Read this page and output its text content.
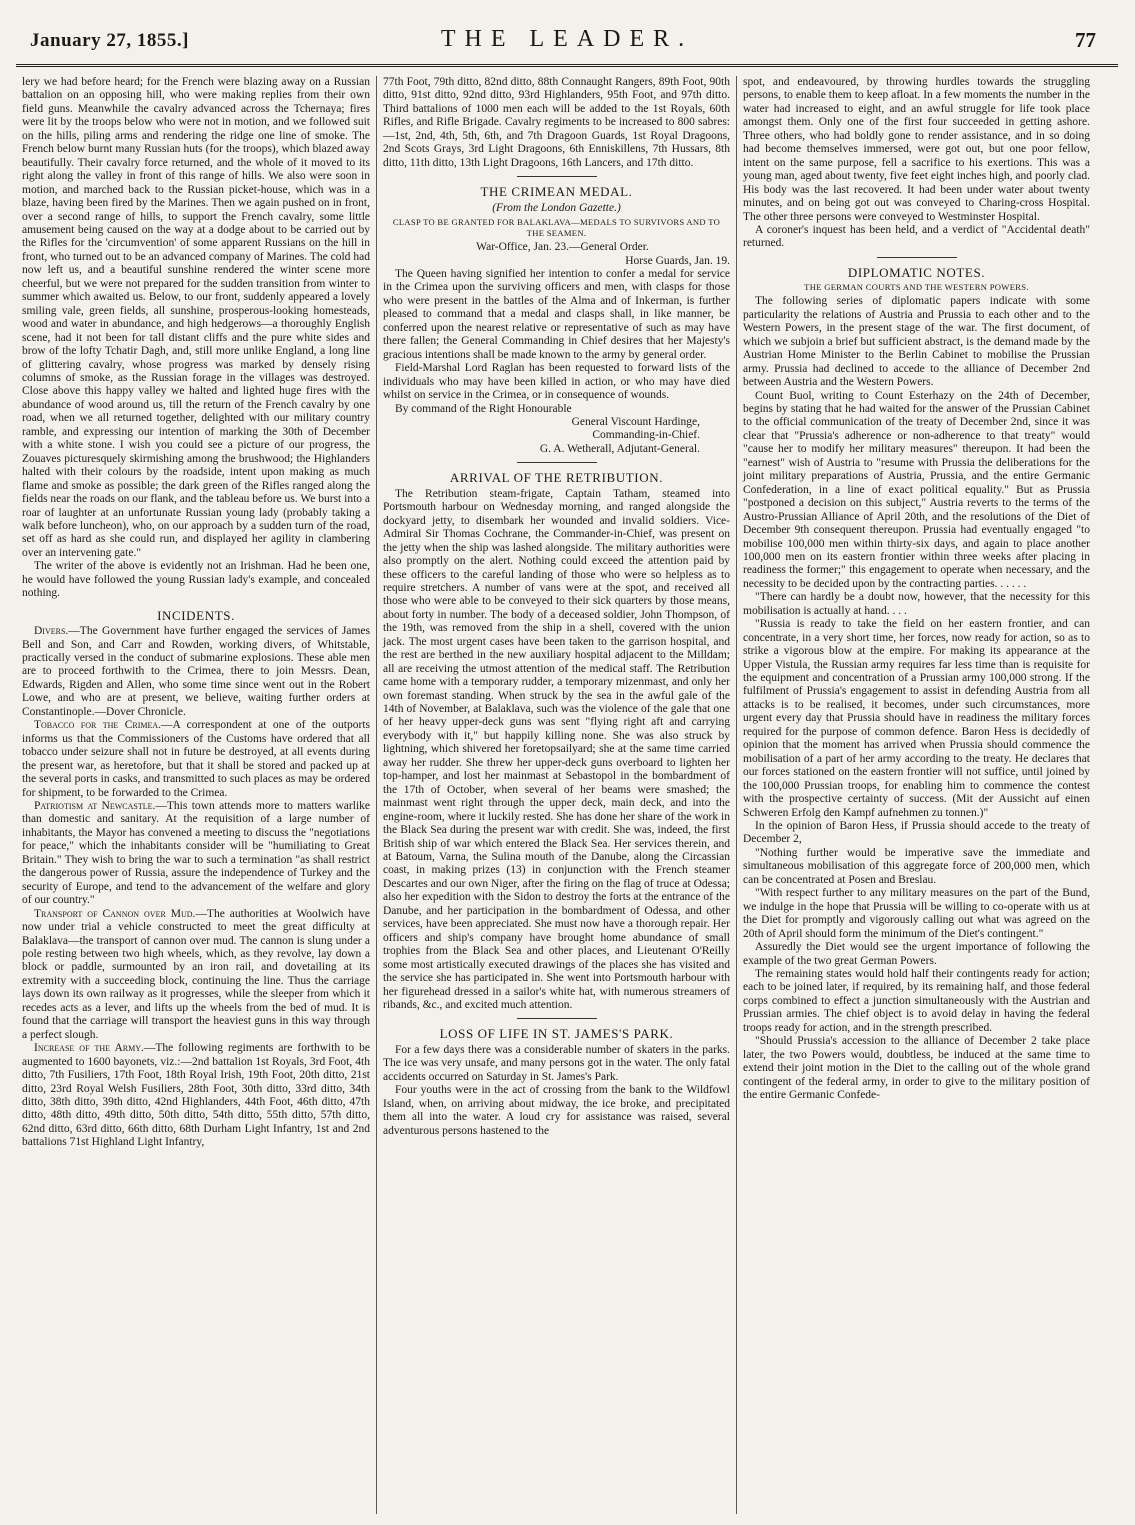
January 27, 1855.]	THE LEADER.	77

lery we had before heard; for the French were blazing away on a Russian battalion on an opposing hill, who were making replies from their own field guns. Meanwhile the cavalry advanced across the Tchernaya; fires were lit by the troops below who were not in motion, and we followed suit on the hills, piling arms and rendering the ridge one line of smoke. The French below burnt many Russian huts (for the troops), which blazed away beautifully. Their cavalry force returned, and the whole of it moved to its right along the valley in front of this range of hills. We also were soon in motion, and marched back to the Russian picket-house, which was in a blaze, having been fired by the Marines. Then we again pushed on in front, over a second range of hills, to support the French cavalry, some little amusement being caused on the way at a dodge about to be carried out by the Rifles for the 'circumvention' of some apparent Russians on the hill in front, who turned out to be an advanced company of Marines. The cold had now left us, and a beautiful sunshine rendered the winter scene more cheerful, but we were not prepared for the sudden transition from winter to summer which awaited us. Below, to our front, suddenly appeared a lovely smiling vale, green fields, all sunshine, prosperous-looking homesteads, wood and water in abundance, and high hedgerows—a thoroughly English scene, had it not been for tall distant cliffs and the pure white sides and brow of the lofty Tchatir Dagh, and, still more unlike England, a long line of glittering cavalry, whose progress was marked by densely rising columns of smoke, as the Russian forage in the villages was destroyed. Close above this happy valley we halted and lighted huge fires with the abundance of wood around us, till the return of the French cavalry by one road, when we all returned together, delighted with our military country ramble, and expressing our intention of marking the 30th of December with a white stone. I wish you could see a picture of our progress, the Zouaves picturesquely skirmishing among the brushwood; the Highlanders halted with their colours by the roadside, intent upon making as much flame and smoke as possible; the dark green of the Rifles ranged along the fields near the roads on our flank, and the tableau before us. We burst into a roar of laughter at an unfortunate Russian young lady (probably taking a walk before luncheon), who, on our approach by a sudden turn of the road, set off as hard as she could run, and displayed her agility in clambering over an intervening gate."

The writer of the above is evidently not an Irishman. Had he been one, he would have followed the young Russian lady's example, and concealed nothing.

INCIDENTS.

Divers.—The Government have further engaged the services of James Bell and Son, and Carr and Rowden, working divers, of Whitstable, practically versed in the conduct of submarine explosions. These able men are to proceed forthwith to the Crimea, there to join Messrs. Dean, Edwards, Rigden and Allen, who some time since went out in the Robert Lowe, and who are at present, we believe, waiting further orders at Constantinople.—Dover Chronicle.

Tobacco for the Crimea.—A correspondent at one of the outports informs us that the Commissioners of the Customs have ordered that all tobacco under seizure shall not in future be destroyed, at all events during the present war, as heretofore, but that it shall be stored and packed up at the several ports in casks, and transmitted to such places as may be ordered for shipment, to be forwarded to the Crimea.

Patriotism at Newcastle.—This town attends more to matters warlike than domestic and sanitary. At the requisition of a large number of inhabitants, the Mayor has convened a meeting to discuss the "negotiations for peace," which the inhabitants consider will be "humiliating to Great Britain." They wish to bring the war to such a termination "as shall restrict the dangerous power of Russia, assure the independence of Turkey and the security of Europe, and tend to the advancement of the welfare and glory of our country."

Transport of Cannon over Mud.—The authorities at Woolwich have now under trial a vehicle constructed to meet the great difficulty at Balaklava—the transport of cannon over mud. The cannon is slung under a pole resting between two high wheels, which, as they revolve, lay down a block or paddle, surmounted by an iron rail, and dovetailing at its extremity with a succeeding block, continuing the line. Thus the carriage lays down its own railway as it progresses, while the sleeper from which it recedes acts as a lever, and lifts up the wheels from the bed of mud. It is found that the carriage will transport the heaviest guns in this way through a perfect slough.

Increase of the Army.—The following regiments are forthwith to be augmented to 1600 bayonets, viz.:—2nd battalion 1st Royals, 3rd Foot, 4th ditto, 7th Fusiliers, 17th Foot, 18th Royal Irish, 19th Foot, 20th ditto, 21st ditto, 23rd Royal Welsh Fusiliers, 28th Foot, 30th ditto, 33rd ditto, 34th ditto, 38th ditto, 39th ditto, 42nd Highlanders, 44th Foot, 46th ditto, 47th ditto, 48th ditto, 49th ditto, 50th ditto, 54th ditto, 55th ditto, 57th ditto, 62nd ditto, 63rd ditto, 66th ditto, 68th Durham Light Infantry, 1st and 2nd battalions 71st Highland Light Infantry,

77th Foot, 79th ditto, 82nd ditto, 88th Connaught Rangers, 89th Foot, 90th ditto, 91st ditto, 92nd ditto, 93rd Highlanders, 95th Foot, and 97th ditto. Third battalions of 1000 men each will be added to the 1st Royals, 60th Rifles, and Rifle Brigade. Cavalry regiments to be increased to 800 sabres:—1st, 2nd, 4th, 5th, 6th, and 7th Dragoon Guards, 1st Royal Dragoons, 2nd Scots Grays, 3rd Light Dragoons, 6th Enniskillens, 7th Hussars, 8th ditto, 11th ditto, 13th Light Dragoons, 16th Lancers, and 17th ditto.

THE CRIMEAN MEDAL.
(From the London Gazette.)
CLASP TO BE GRANTED FOR BALAKLAVA—MEDALS TO SURVIVORS AND TO THE SEAMEN.

War-Office, Jan. 23.—General Order.

Horse Guards, Jan. 19.

The Queen having signified her intention to confer a medal for service in the Crimea upon the surviving officers and men, with clasps for those who were present in the battles of the Alma and of Inkerman, is further pleased to command that a medal and clasps shall, in like manner, be conferred upon the nearest relative or representative of such as may have there fallen; the General Commanding in Chief desires that her Majesty's gracious intentions shall be made known to the army by general order.

Field-Marshal Lord Raglan has been requested to forward lists of the individuals who may have been killed in action, or who may have died whilst on service in the Crimea, or in consequence of wounds.

By command of the Right Honourable

General Viscount Hardinge,

Commanding-in-Chief.

G. A. Wetherall, Adjutant-General.

ARRIVAL OF THE RETRIBUTION.

The Retribution steam-frigate, Captain Tatham, steamed into Portsmouth harbour on Wednesday morning, and ranged alongside the dockyard jetty, to disembark her wounded and invalid soldiers. Vice-Admiral Sir Thomas Cochrane, the Commander-in-Chief, was present on the jetty when the ship was lashed alongside. The military authorities were also promptly on the alert. Nothing could exceed the attention paid by these officers to the careful landing of those who were so helpless as to require stretchers. A number of vans were at the spot, and received all those who were able to be conveyed to their sick quarters by those means, about forty in number. The body of a deceased soldier, John Thompson, of the 19th, was removed from the ship in a shell, covered with the union jack. The most urgent cases have been taken to the garrison hospital, and the rest are berthed in the new auxiliary hospital adjacent to the Milldam; all are receiving the utmost attention of the medical staff. The Retribution came home with a temporary rudder, a temporary mizenmast, and only her own foremast standing. When struck by the sea in the awful gale of the 14th of November, at Balaklava, such was the violence of the gale that one of her heavy upper-deck guns was sent "flying right aft and carrying everybody with it," but happily killing none. She was also struck by lightning, which shivered her foretopsailyard; she at the same time carried away her rudder. She threw her upper-deck guns overboard to lighten her top-hamper, and lost her mainmast at Sebastopol in the bombardment of the 17th of October, when several of her beams were smashed; the mainmast went right through the upper deck, main deck, and into the engine-room, where it luckily rested. She has done her share of the work in the Black Sea during the present war with credit. She was, indeed, the first British ship of war which entered the Black Sea. Her services therein, and at Batoum, Varna, the Sulina mouth of the Danube, along the Circassian coast, in making prizes (13) in conjunction with the French steamer Descartes and our own Niger, after the firing on the flag of truce at Odessa; also her expedition with the Sidon to destroy the forts at the entrance of the Danube, and her participation in the bombardment of Odessa, and other services, have been appreciated. She must now have a thorough repair. Her officers and ship's company have brought home abundance of small trophies from the Black Sea and other places, and Lieutenant O'Reilly some most artistically executed drawings of the places she has visited and the service she has participated in. She went into Portsmouth harbour with her figurehead dressed in a sailor's white hat, with numerous streamers of ribands, &c., and excited much attention.

LOSS OF LIFE IN ST. JAMES'S PARK.

For a few days there was a considerable number of skaters in the parks. The ice was very unsafe, and many persons got in the water. The only fatal accidents occurred on Saturday in St. James's Park.

Four youths were in the act of crossing from the bank to the Wildfowl Island, when, on arriving about midway, the ice broke, and precipitated them all into the water. A loud cry for assistance was raised, several adventurous persons hastened to the

spot, and endeavoured, by throwing hurdles towards the struggling persons, to enable them to keep afloat. In a few moments the number in the water had increased to eight, and an awful struggle for life took place amongst them. Only one of the first four succeeded in getting ashore. Three others, who had boldly gone to render assistance, and in so doing had become themselves immersed, were got out, but one poor fellow, intent on the same purpose, fell a sacrifice to his exertions. This was a young man, aged about twenty, five feet eight inches high, and poorly clad. His body was the last recovered. It had been under water about twenty minutes, and on being got out was conveyed to Charing-cross Hospital. The other three persons were conveyed to Westminster Hospital.

A coroner's inquest has been held, and a verdict of "Accidental death" returned.

DIPLOMATIC NOTES.
THE GERMAN COURTS AND THE WESTERN POWERS.

The following series of diplomatic papers indicate with some particularity the relations of Austria and Prussia to each other and to the Western Powers, in the present stage of the war. The first document, of which we subjoin a brief but sufficient abstract, is the demand made by the Austrian Home Minister to the Berlin Cabinet to mobilise the Prussian army. Prussia had declined to accede to the alliance of December 2nd between Austria and the Western Powers.

Count Buol, writing to Count Esterhazy on the 24th of December, begins by stating that he had waited for the answer of the Prussian Cabinet to the official communication of the treaty of December 2nd, since it was clear that "Prussia's adherence or non-adherence to that treaty" would "cause her to modify her military measures" thereupon. It had been the "earnest" wish of Austria to "resume with Prussia the deliberations for the joint military preparations of Austria, Prussia, and the entire Germanic Confederation, in a line of exact political equality." But as Prussia "postponed a decision on this subject," Austria reverts to the terms of the Austro-Prussian Alliance of April 20th, and the resolutions of the Diet of December 9th consequent thereupon. Prussia had eventually engaged "to mobilise 100,000 men within thirty-six days, and again to place another 100,000 men on its eastern frontier within three weeks after placing in readiness the former;" this engagement to operate when necessary, and the necessity to be decided upon by the contracting parties. . . . . .

"There can hardly be a doubt now, however, that the necessity for this mobilisation is actually at hand. . . .

"Russia is ready to take the field on her eastern frontier, and can concentrate, in a very short time, her forces, now ready for action, so as to strike a vigorous blow at the empire. For making its appearance at the Upper Vistula, the Russian army requires far less time than is requisite for the equipment and concentration of a Prussian army 100,000 strong. If the fulfilment of Prussia's engagement to assist in defending Austria from all attacks is to be realised, it becomes, under such circumstances, more urgent every day that Prussia should have in readiness the military forces required for the purpose of common defence. Baron Hess is decidedly of opinion that the moment has arrived when Prussia should commence the mobilisation of a part of her army according to the treaty. He declares that our forces stationed on the eastern frontier will not suffice, until joined by the 100,000 Prussian troops, for enabling him to commence the contest with the prospective certainty of success. (Mit der Aussicht auf einen Schweren Erfolg den Kampf aufnehmen zu tonnen.)"

In the opinion of Baron Hess, if Prussia should accede to the treaty of December 2,

"Nothing further would be imperative save the immediate and simultaneous mobilisation of this aggregate force of 200,000 men, which can be concentrated at Posen and Breslau.

"With respect further to any military measures on the part of the Bund, we indulge in the hope that Prussia will be willing to co-operate with us at the Diet for promptly and vigorously calling out what was agreed on the 20th of April should form the minimum of the Diet's contingent."

Assuredly the Diet would see the urgent importance of following the example of the two great German Powers.

The remaining states would hold half their contingents ready for action; each to be joined later, if required, by its remaining half, and those federal corps combined to effect a junction simultaneously with the Austrian and Prussian armies. The chief object is to avoid delay in having the federal troops ready for action, and in the strength prescribed.

"Should Prussia's accession to the alliance of December 2 take place later, the two Powers would, doubtless, be induced at the same time to extend their joint motion in the Diet to the calling out of the whole grand contingent of the federal army, in order to give to the military position of the entire Germanic Confede-
